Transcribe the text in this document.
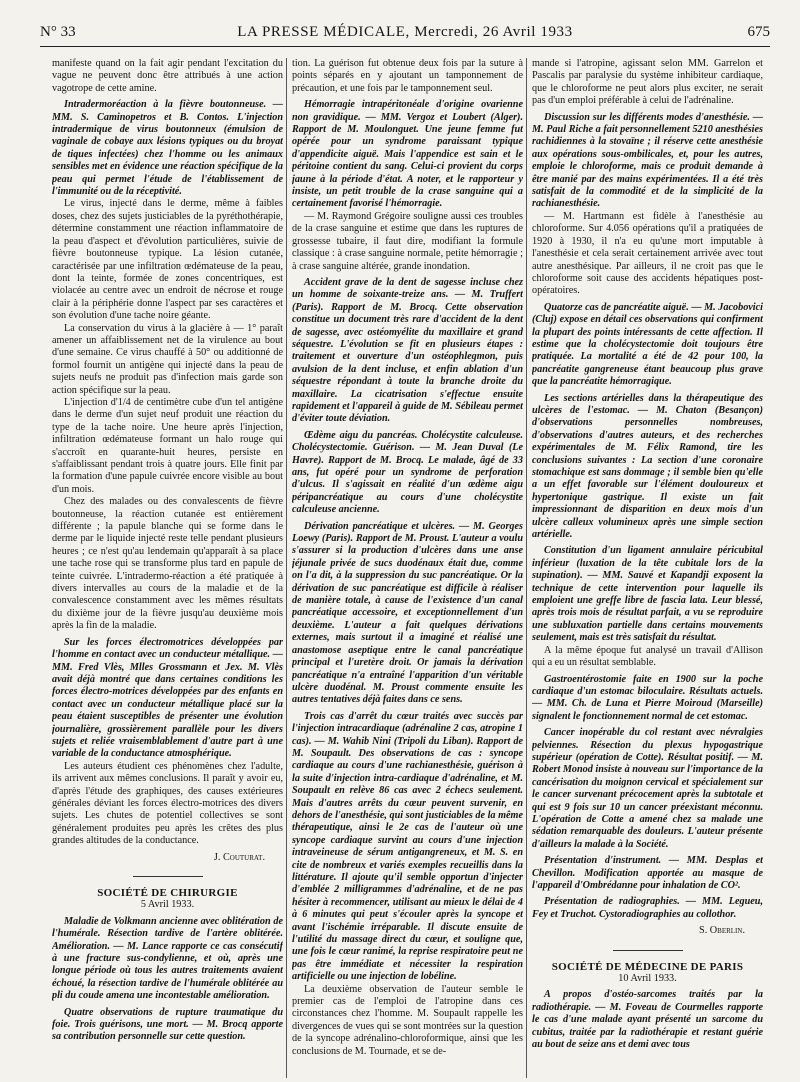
N° 33	LA PRESSE MÉDICALE, Mercredi, 26 Avril 1933	675

manifeste quand on la fait agir pendant l'excitation du vague ne peuvent donc être attribués à une action vagotrope de cette amine.

Intradermoréaction à la fièvre boutonneuse. — MM. S. Caminopetros et B. Contos. L'injection intradermique de virus boutonneux (émulsion de vaginale de cobaye aux lésions typiques ou du broyat de tiques infectées) chez l'homme ou les animaux sensibles met en évidence une réaction spécifique de la peau qui permet l'étude de l'établissement de l'immunité ou de la réceptivité.

Le virus, injecté dans le derme, même à faibles doses, chez des sujets justiciables de la pyréthothérapie, détermine constamment une réaction inflammatoire de la peau d'aspect et d'évolution particulières, suivie de fièvre boutonneuse typique. La lésion cutanée, caractérisée par une infiltration œdémateuse de la peau, dont la teinte, formée de zones concentriques, est violacée au centre avec un endroit de nécrose et rouge clair à la périphérie donne l'aspect par ses caractères et son évolution d'une tache noire géante.

La conservation du virus à la glacière à — 1° paraît amener un affaiblissement net de la virulence au bout d'une semaine. Ce virus chauffé à 50° ou additionné de formol fournit un antigène qui injecté dans la peau de sujets neufs ne produit pas d'infection mais garde son action spécifique sur la peau.

L'injection d'1/4 de centimètre cube d'un tel antigène dans le derme d'un sujet neuf produit une réaction du type de la tache noire. Une heure après l'injection, infiltration œdémateuse formant un halo rouge qui s'accroît en quarante-huit heures, persiste en s'affaiblissant pendant trois à quatre jours. Elle finit par la formation d'une papule cuivrée encore visible au bout d'un mois.

Chez des malades ou des convalescents de fièvre boutonneuse, la réaction cutanée est entièrement différente ; la papule blanche qui se forme dans le derme par le liquide injecté reste telle pendant plusieurs heures ; ce n'est qu'au lendemain qu'apparaît à sa place une tache rose qui se transforme plus tard en papule de teinte cuivrée. L'intradermo-réaction a été pratiquée à divers intervalles au cours de la maladie et de la convalescence constamment avec les mêmes résultats du dixième jour de la fièvre jusqu'au deuxième mois après la fin de la maladie.

Sur les forces électromotrices développées par l'homme en contact avec un conducteur métallique. — MM. Fred Vlès, Mlles Grossmann et Jex. M. Vlès avait déjà montré que dans certaines conditions les forces électro-motrices développées par des enfants en contact avec un conducteur métallique placé sur la peau étaient susceptibles de présenter une évolution journalière, grossièrement parallèle pour les divers sujets et reliée vraisemblablement d'autre part à une variable de la conductance atmosphérique.

Les auteurs étudient ces phénomènes chez l'adulte, ils arrivent aux mêmes conclusions. Il paraît y avoir eu, d'après l'étude des graphiques, des causes extérieures générales déviant les forces électro-motrices des divers sujets. Les chutes de potentiel collectives se sont généralement produites peu après les crêtes des plus grandes altitudes de la conductance.

J. Couturat.

SOCIÉTÉ DE CHIRURGIE

5 Avril 1933.

Maladie de Volkmann ancienne avec oblitération de l'humérale. Résection tardive de l'artère oblitérée. Amélioration. — M. Lance rapporte ce cas consécutif à une fracture sus-condylienne, et où, après une longue période où tous les autres traitements avaient échoué, la résection tardive de l'humérale oblitérée au pli du coude amena une incontestable amélioration.

Quatre observations de rupture traumatique du foie. Trois guérisons, une mort. — M. Brocq apporte sa contribution personnelle sur cette question.

tion. La guérison fut obtenue deux fois par la suture à points séparés en y ajoutant un tamponnement de précaution, et une fois par le tamponnement seul.

Hémorragie intrapéritonéale d'origine ovarienne non gravidique. — MM. Vergoz et Loubert (Alger). Rapport de M. Moulonguet. Une jeune femme fut opérée pour un syndrome paraissant typique d'appendicite aiguë. Mais l'appendice est sain et le péritoine contient du sang. Celui-ci provient du corps jaune à la période d'état. A noter, et le rapporteur y insiste, un petit trouble de la crase sanguine qui a certainement favorisé l'hémorragie.

— M. Raymond Grégoire souligne aussi ces troubles de la crase sanguine et estime que dans les ruptures de grossesse tubaire, il faut dire, modifiant la formule classique : à crase sanguine normale, petite hémorragie ; à crase sanguine altérée, grande inondation.

Accident grave de la dent de sagesse incluse chez un homme de soixante-treize ans. — M. Truffert (Paris). Rapport de M. Brocq. Cette observation constitue un document très rare d'accident de la dent de sagesse, avec ostéomyélite du maxillaire et grand séquestre. L'évolution se fit en plusieurs étapes : traitement et ouverture d'un ostéophlegmon, puis avulsion de la dent incluse, et enfin ablation d'un séquestre répondant à toute la branche droite du maxillaire. La cicatrisation s'effectue ensuite rapidement et l'appareil à guide de M. Sébileau permet d'éviter toute déviation.

Œdème aigu du pancréas. Cholécystite calculeuse. Cholécystectomie. Guérison. — M. Jean Duval (Le Havre). Rapport de M. Brocq. Le malade, âgé de 33 ans, fut opéré pour un syndrome de perforation d'ulcus. Il s'agissait en réalité d'un œdème aigu péripancréatique au cours d'une cholécystite calculeuse ancienne.

Dérivation pancréatique et ulcères. — M. Georges Loewy (Paris). Rapport de M. Proust. L'auteur a voulu s'assurer si la production d'ulcères dans une anse jéjunale privée de sucs duodénaux était due, comme on l'a dit, à la suppression du suc pancréatique. Or la dérivation de suc pancréatique est difficile à réaliser de manière totale, à cause de l'existence d'un canal pancréatique accessoire, et exceptionnellement d'un deuxième. L'auteur a fait quelques dérivations externes, mais surtout il a imaginé et réalisé une anastomose aseptique entre le canal pancréatique principal et l'uretère droit. Or jamais la dérivation pancréatique n'a entraîné l'apparition d'un véritable ulcère duodénal. M. Proust commente ensuite les autres tentatives déjà faites dans ce sens.

Trois cas d'arrêt du cœur traités avec succès par l'injection intracardiaque (adrénaline 2 cas, atropine 1 cas). — M. Wahib Nini (Tripoli du Liban). Rapport de M. Soupault. Des observations de cas : syncope cardiaque au cours d'une rachianesthésie, guérison à la suite d'injection intra-cardiaque d'adrénaline, et M. Soupault en relève 86 cas avec 2 échecs seulement. Mais d'autres arrêts du cœur peuvent survenir, en dehors de l'anesthésie, qui sont justiciables de la même thérapeutique, ainsi le 2e cas de l'auteur où une syncope cardiaque survint au cours d'une injection intraveineuse de sérum antigangreneux, et M. S. en cite de nombreux et variés exemples recueillis dans la littérature. Il ajoute qu'il semble opportun d'injecter d'emblée 2 milligrammes d'adrénaline, et de ne pas hésiter à recommencer, utilisant au mieux le délai de 4 à 6 minutes qui peut s'écouler après la syncope et avant l'ischémie irréparable. Il discute ensuite de l'utilité du massage direct du cœur, et souligne que, une fois le cœur ranimé, la reprise respiratoire peut ne pas être immédiate et nécessiter la respiration artificielle ou une injection de lobéline.

La deuxième observation de l'auteur semble le premier cas de l'emploi de l'atropine dans ces circonstances chez l'homme. M. Soupault rappelle les divergences de vues qui se sont montrées sur la question de la syncope adrénalino-chloroformique, ainsi que les conclusions de M. Tournade, et se de-

mande si l'atropine, agissant selon MM. Garrelon et Pascalis par paralysie du système inhibiteur cardiaque, que le chloroforme ne peut alors plus exciter, ne serait pas d'un emploi préférable à celui de l'adrénaline.

Discussion sur les différents modes d'anesthésie. — M. Paul Riche a fait personnellement 5210 anesthésies rachidiennes à la stovaïne ; il réserve cette anesthésie aux opérations sous-ombilicales, et, pour les autres, emploie le chloroforme, mais ce produit demande à être manié par des mains expérimentées. Il a été très satisfait de la commodité et de la simplicité de la rachianesthésie.

— M. Hartmann est fidèle à l'anesthésie au chloroforme. Sur 4.056 opérations qu'il a pratiquées de 1920 à 1930, il n'a eu qu'une mort imputable à l'anesthésie et cela serait certainement arrivée avec tout autre anesthésique. Par ailleurs, il ne croit pas que le chloroforme soit cause des accidents hépatiques post-opératoires.

Quatorze cas de pancréatite aiguë. — M. Jacobovici (Cluj) expose en détail ces observations qui confirment la plupart des points intéressants de cette affection. Il estime que la cholécystectomie doit toujours être pratiquée. La mortalité a été de 42 pour 100, la pancréatite gangreneuse étant beaucoup plus grave que la pancréatite hémorragique.

Les sections artérielles dans la thérapeutique des ulcères de l'estomac. — M. Chaton (Besançon) d'observations personnelles nombreuses, d'observations d'autres auteurs, et des recherches expérimentales de M. Félix Ramond, tire les conclusions suivantes : La section d'une coronaire stomachique est sans dommage ; il semble bien qu'elle a un effet favorable sur l'élément douloureux et hypertonique gastrique. Il existe un fait impressionnant de disparition en deux mois d'un ulcère calleux volumineux après une simple section artérielle.

Constitution d'un ligament annulaire péricubital inférieur (luxation de la tête cubitale lors de la supination). — MM. Sauvé et Kapandji exposent la technique de cette intervention pour laquelle ils emploient une greffe libre de fascia lata. Leur blessé, après trois mois de résultat parfait, a vu se reproduire une subluxation partielle dans certains mouvements seulement, mais est très satisfait du résultat.

A la même époque fut analysé un travail d'Allison qui a eu un résultat semblable.

Gastroentérostomie faite en 1900 sur la poche cardiaque d'un estomac biloculaire. Résultats actuels. — MM. Ch. de Luna et Pierre Moiroud (Marseille) signalent le fonctionnement normal de cet estomac.

Cancer inopérable du col restant avec névralgies pelviennes. Résection du plexus hypogastrique supérieur (opération de Cotte). Résultat positif. — M. Robert Monod insiste à nouveau sur l'importance de la cancérisation du moignon cervical et spécialement sur le cancer survenant précocement après la subtotale et qui est 9 fois sur 10 un cancer préexistant méconnu. L'opération de Cotte a amené chez sa malade une sédation remarquable des douleurs. L'auteur présente d'ailleurs la malade à la Société.

Présentation d'instrument. — MM. Desplas et Chevillon. Modification apportée au masque de l'appareil d'Ombrédanne pour inhalation de CO².

Présentation de radiographies. — MM. Legueu, Fey et Truchot. Cystoradiographies au collothor.

S. Oberlin.

SOCIÉTÉ DE MÉDECINE DE PARIS

10 Avril 1933.

A propos d'ostéo-sarcomes traités par la radiothérapie. — M. Foveau de Courmelles rapporte le cas d'une malade ayant présenté un sarcome du cubitus, traitée par la radiothérapie et restant guérie au bout de seize ans et demi avec tous
